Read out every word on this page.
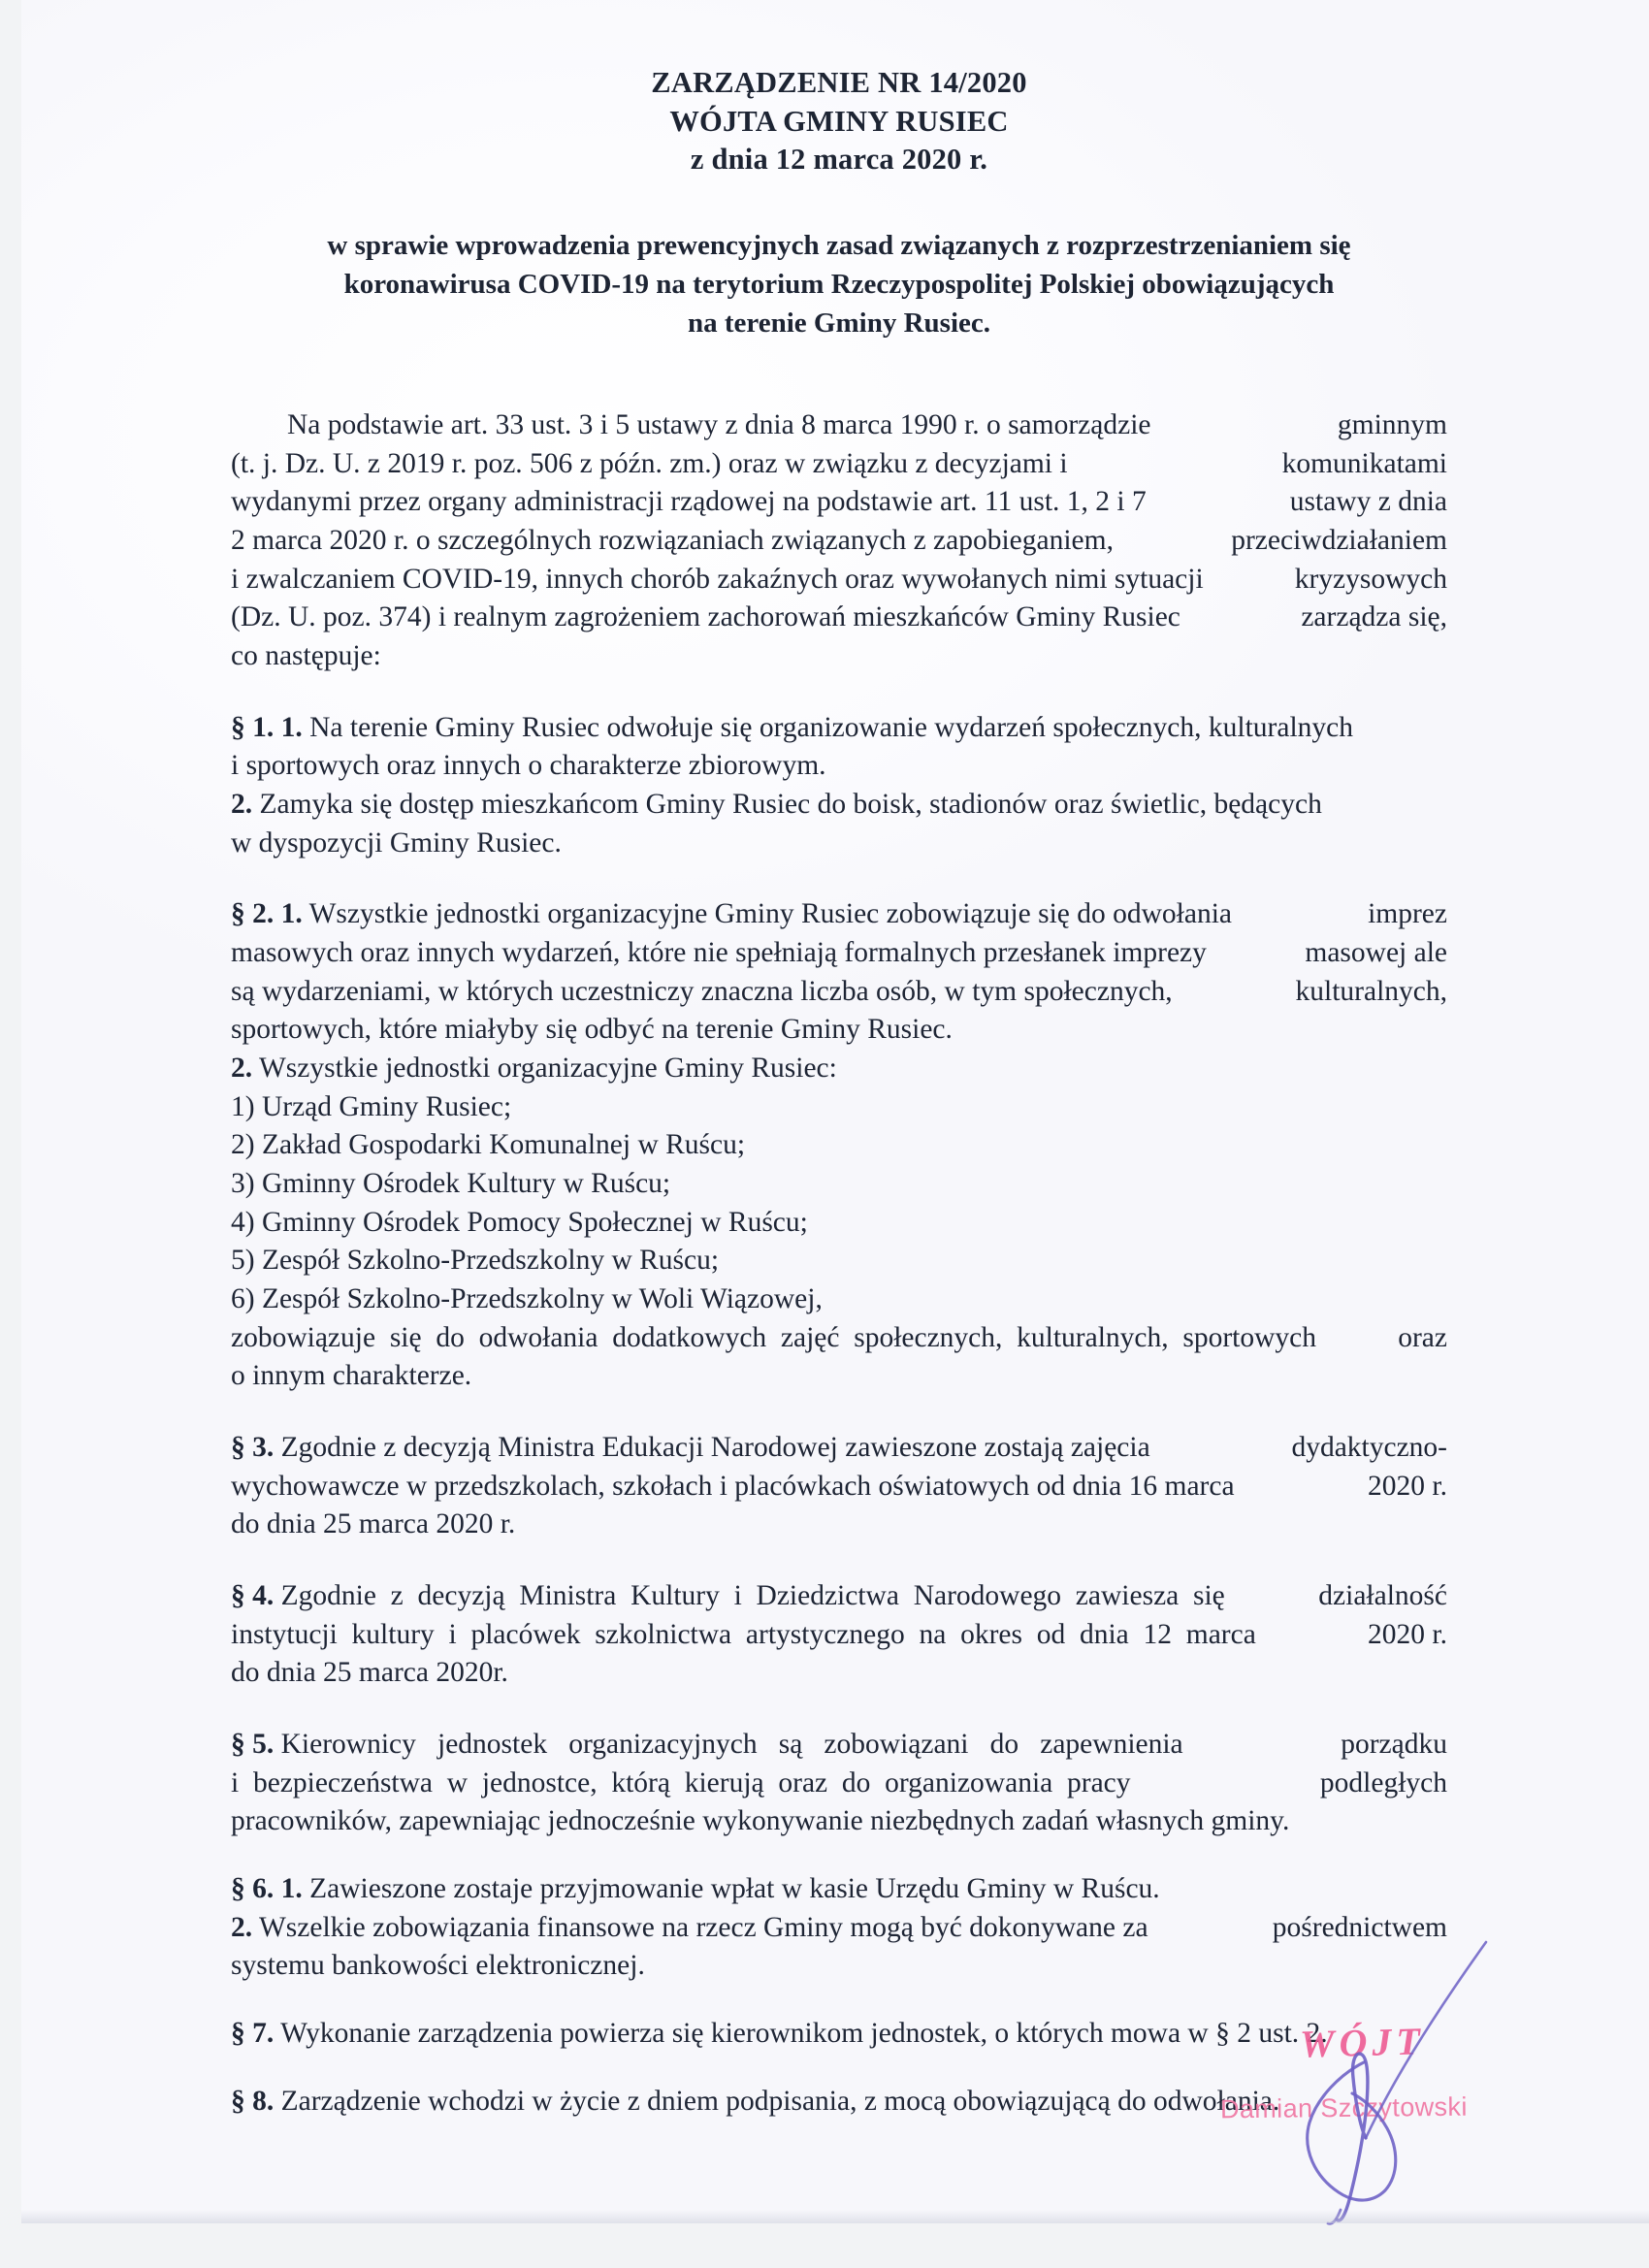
ZARZĄDZENIE NR 14/2020
WÓJTA GMINY RUSIEC
z dnia 12 marca 2020 r.
w sprawie wprowadzenia prewencyjnych zasad związanych z rozprzestrzenianiem się
koronawirusa COVID-19 na terytorium Rzeczypospolitej Polskiej obowiązujących
na terenie Gminy Rusiec.
Na podstawie art. 33 ust. 3 i 5 ustawy z dnia 8 marca 1990 r. o samorządzie	gminnym
(t. j. Dz. U. z 2019 r. poz. 506 z późn. zm.) oraz w związku z decyzjami i	komunikatami
wydanymi przez organy administracji rządowej na podstawie art. 11 ust. 1, 2 i 7	ustawy z dnia
2 marca 2020 r. o szczególnych rozwiązaniach związanych z zapobieganiem,	przeciwdziałaniem
i zwalczaniem COVID-19, innych chorób zakaźnych oraz wywołanych nimi sytuacji	kryzysowych
(Dz. U. poz. 374) i realnym zagrożeniem zachorowań mieszkańców Gminy Rusiec	zarządza się,
co następuje:
§ 1. 1. Na terenie Gminy Rusiec odwołuje się organizowanie wydarzeń społecznych, kulturalnych
i sportowych oraz innych o charakterze zbiorowym.
2. Zamyka się dostęp mieszkańcom Gminy Rusiec do boisk, stadionów oraz świetlic, będących
w dyspozycji Gminy Rusiec.
§ 2. 1. Wszystkie jednostki organizacyjne Gminy Rusiec zobowiązuje się do odwołania	imprez
masowych oraz innych wydarzeń, które nie spełniają formalnych przesłanek imprezy	masowej ale
są wydarzeniami, w których uczestniczy znaczna liczba osób, w tym społecznych,	kulturalnych,
sportowych, które miałyby się odbyć na terenie Gminy Rusiec.
2. Wszystkie jednostki organizacyjne Gminy Rusiec:
1) Urząd Gminy Rusiec;
2) Zakład Gospodarki Komunalnej w Ruścu;
3) Gminny Ośrodek Kultury w Ruścu;
4) Gminny Ośrodek Pomocy Społecznej w Ruścu;
5) Zespół Szkolno-Przedszkolny w Ruścu;
6) Zespół Szkolno-Przedszkolny w Woli Wiązowej,
zobowiązuje  się  do  odwołania  dodatkowych  zajęć  społecznych,  kulturalnych,  sportowych	oraz
o innym charakterze.
§ 3. Zgodnie z decyzją Ministra Edukacji Narodowej zawieszone zostają zajęcia	dydaktyczno-
wychowawcze w przedszkolach, szkołach i placówkach oświatowych od dnia 16 marca	2020 r.
do dnia 25 marca 2020 r.
§ 4. Zgodnie  z  decyzją  Ministra  Kultury  i  Dziedzictwa  Narodowego  zawiesza  się	działalność
instytucji  kultury  i  placówek  szkolnictwa  artystycznego  na  okres  od  dnia  12  marca	2020 r.
do dnia 25 marca 2020r.
§ 5. Kierownicy   jednostek   organizacyjnych   są   zobowiązani   do   zapewnienia	porządku
i  bezpieczeństwa  w  jednostce,  którą  kierują  oraz  do  organizowania  pracy	podległych
pracowników, zapewniając jednocześnie wykonywanie niezbędnych zadań własnych gminy.
§ 6. 1. Zawieszone zostaje przyjmowanie wpłat w kasie Urzędu Gminy w Ruścu.
2. Wszelkie zobowiązania finansowe na rzecz Gminy mogą być dokonywane za	pośrednictwem
systemu bankowości elektronicznej.
§ 7. Wykonanie zarządzenia powierza się kierownikom jednostek, o których mowa w § 2 ust. 2.
§ 8. Zarządzenie wchodzi w życie z dniem podpisania, z mocą obowiązującą do odwołania.
WÓJT
Damian Szczytowski
